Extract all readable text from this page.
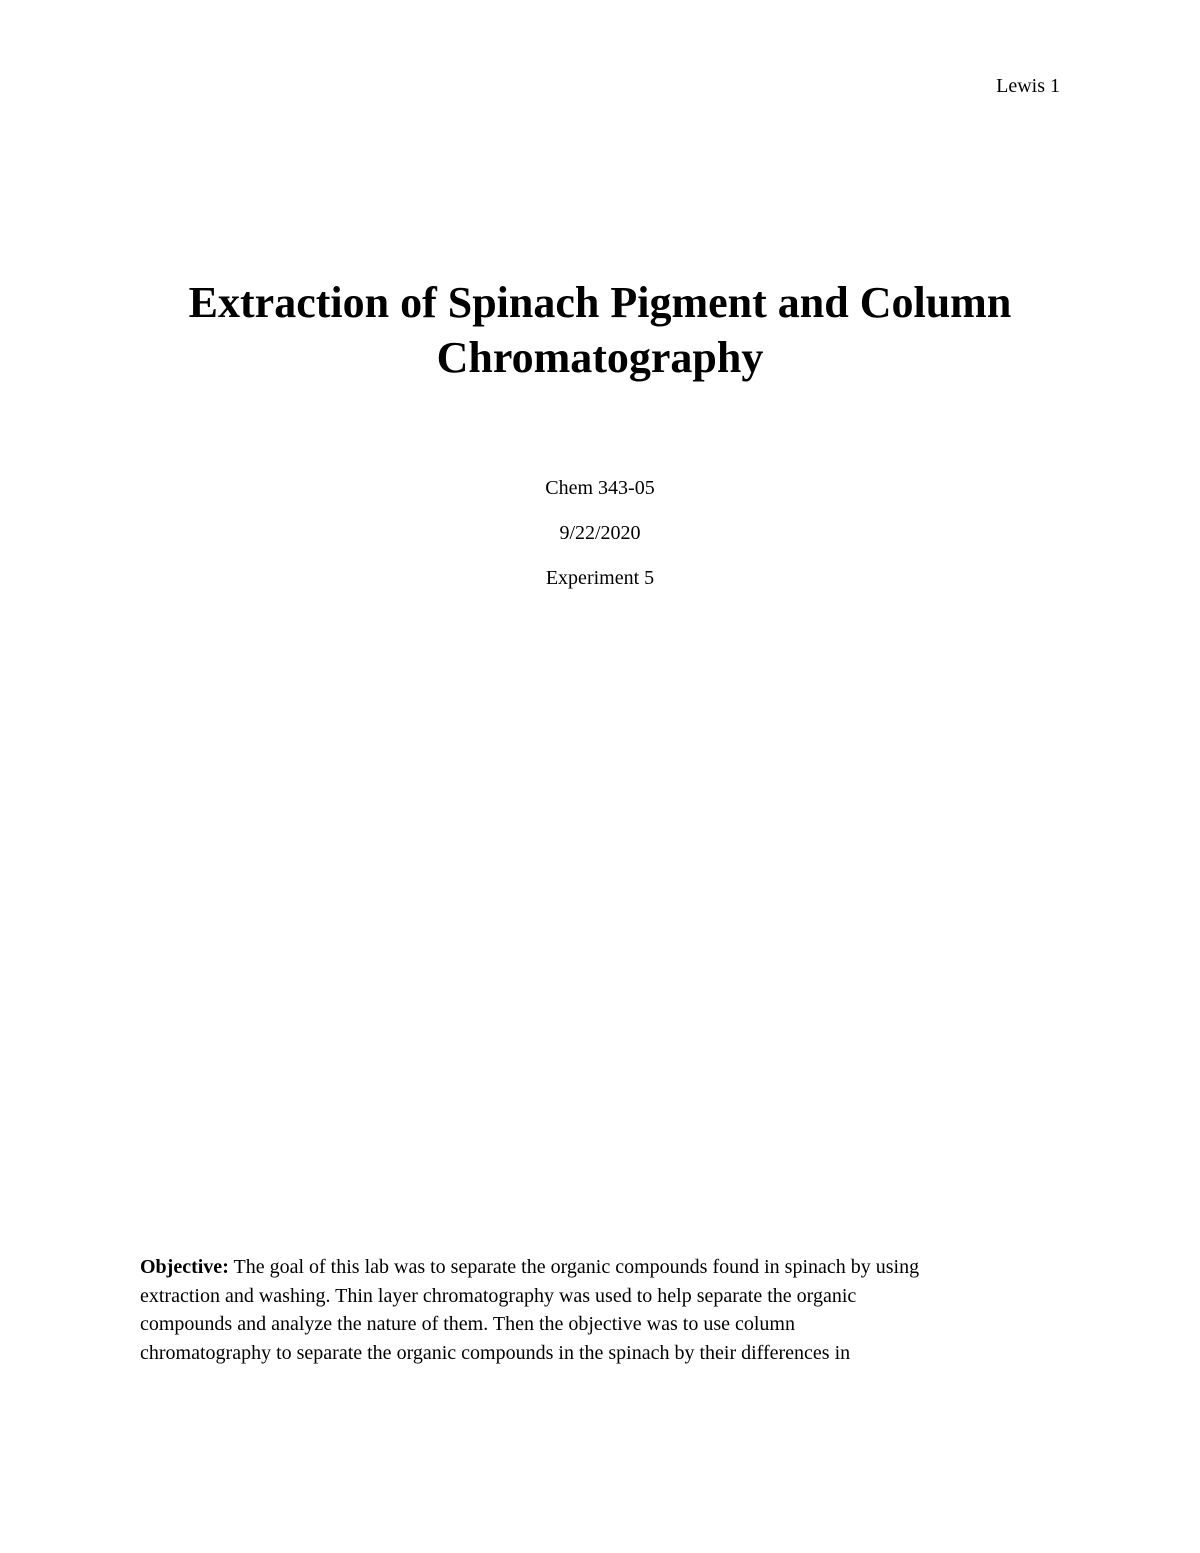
Lewis 1
Extraction of Spinach Pigment and Column
Chromatography
Chem 343-05
9/22/2020
Experiment 5

Objective: The goal of this lab was to separate the organic compounds found in spinach by using
extraction and washing. Thin layer chromatography was used to help separate the organic
compounds and analyze the nature of them. Then the objective was to use column
chromatography to separate the organic compounds in the spinach by their differences in
